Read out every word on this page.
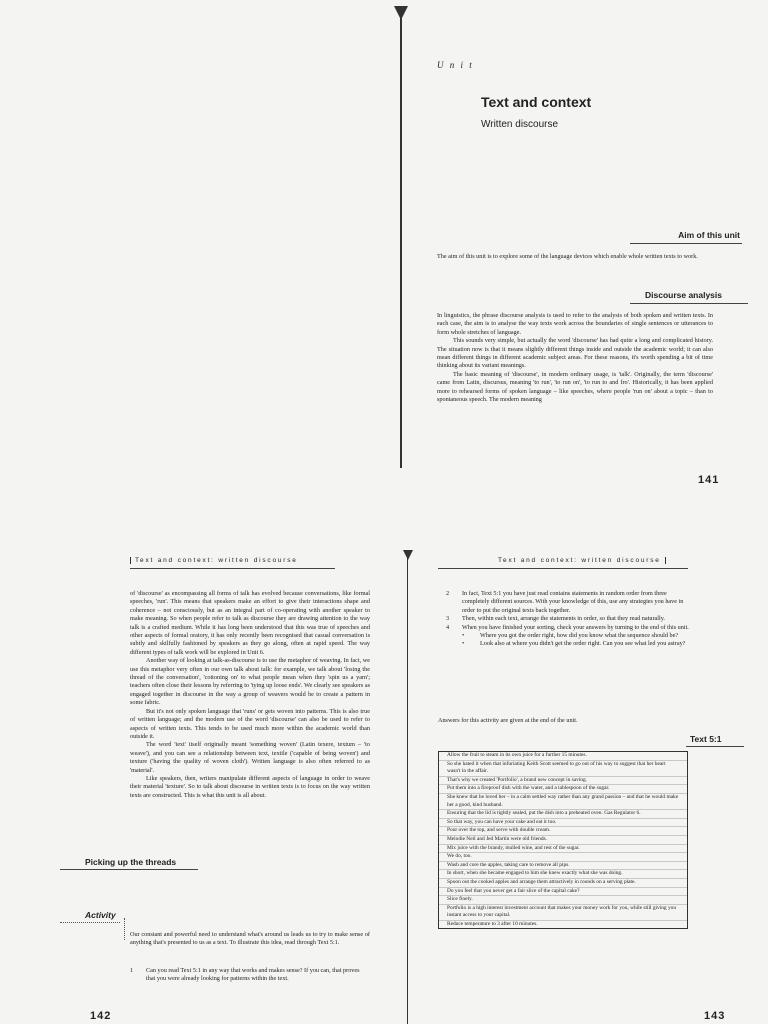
U n i t
Text and context
Written discourse
Aim of this unit

The aim of this unit is to explore some of the language devices which enable whole written texts to work.

Discourse analysis

In linguistics, the phrase discourse analysis is used to refer to the analysis of both spoken and written texts. In each case, the aim is to analyse the way texts work across the boundaries of single sentences or utterances to form whole stretches of language.

This sounds very simple, but actually the word 'discourse' has had quite a long and complicated history. The situation now is that it means slightly different things inside and outside the academic world; it can also mean different things in different academic subject areas. For these reasons, it's worth spending a bit of time thinking about its variant meanings.

The basic meaning of 'discourse', in modern ordinary usage, is 'talk'. Originally, the term 'discourse' came from Latin, discursus, meaning 'to run', 'to run on', 'to run to and fro'. Historically, it has been applied more to rehearsed forms of spoken language – like speeches, where people 'run on' about a topic – than to spontaneous speech. The modern meaning

141
Text and context: written discourse

of 'discourse' as encompassing all forms of talk has evolved because conversations, like formal speeches, 'run'. This means that speakers make an effort to give their interactions shape and coherence – not consciously, but as an integral part of co-operating with another speaker to make meaning. So when people refer to talk as discourse they are drawing attention to the way talk is a crafted medium. While it has long been understood that this was true of speeches and other aspects of formal oratory, it has only recently been recognised that casual conversation is subtly and skilfully fashioned by speakers as they go along, often at rapid speed. The way different types of talk work will be explored in Unit 6.

Another way of looking at talk-as-discourse is to use the metaphor of weaving. In fact, we use this metaphor very often in our own talk about talk: for example, we talk about 'losing the thread of the conversation', 'cottoning on' to what people mean when they 'spin us a yarn'; teachers often close their lessons by referring to 'tying up loose ends'. We clearly see speakers as engaged together in discourse in the way a group of weavers would be to create a pattern in some fabric.

But it's not only spoken language that 'runs' or gets woven into patterns. This is also true of written language; and the modern use of the word 'discourse' can also be used to refer to aspects of written texts. This tends to be used much more within the academic world than outside it.

The word 'text' itself originally meant 'something woven' (Latin texere, textum – 'to weave'), and you can see a relationship between text, textile ('capable of being woven') and texture ('having the quality of woven cloth'). Written language is also often referred to as 'material'.

Like speakers, then, writers manipulate different aspects of language in order to weave their material 'texture'. So to talk about discourse in written texts is to focus on the way written texts are constructed. This is what this unit is all about.

Picking up the threads
Activity

Our constant and powerful need to understand what's around us leads us to try to make sense of anything that's presented to us as a text. To illustrate this idea, read through Text 5:1.

1	Can you read Text 5:1 in any way that works and makes sense? If you can, that proves that you were already looking for patterns within the text.
142
Text and context: written discourse
2	In fact, Text 5:1 you have just read contains statements in random order from three completely different sources. With your knowledge of this, use any strategies you have in order to put the original texts back together.
3	Then, within each text, arrange the statements in order, so that they read naturally.
4	When you have finished your sorting, check your answers by turning to the end of this unit.
•	Where you got the order right, how did you know what the sequence should be?
•	Look also at where you didn't get the order right. Can you see what led you astray?

Answers for this activity are given at the end of the unit.

Text 5:1
Allow the fruit to steam in its own juice for a further 15 minutes.
So she hated it when that infuriating Keith Scott seemed to go out of his way to suggest that her heart wasn't in the affair.
That's why we created 'Portfolio', a brand new concept in saving.
Put them into a fireproof dish with the water, and a tablespoon of the sugar.
She knew that he loved her – in a calm settled way rather than any grand passion – and that he would make her a good, kind husband.
Ensuring that the lid is tightly sealed, put the dish into a preheated oven. Gas Regulator 6.
So that way, you can have your cake and eat it too.
Pour over the top, and serve with double cream.
Melodie Neil and Jed Martin were old friends.
Mix juice with the brandy, mulled wine, and rest of the sugar.
We do, too.
Wash and core the apples, taking care to remove all pips.
In short, when she became engaged to him she knew exactly what she was doing.
Spoon out the cooked apples and arrange them attractively in rounds on a serving plate.
Do you feel that you never get a fair slice of the capital cake?
Slice finely.
Portfolio is a high interest investment account that makes your money work for you, while still giving you instant access to your capital.
Reduce temperature to 3 after 10 minutes.
143
